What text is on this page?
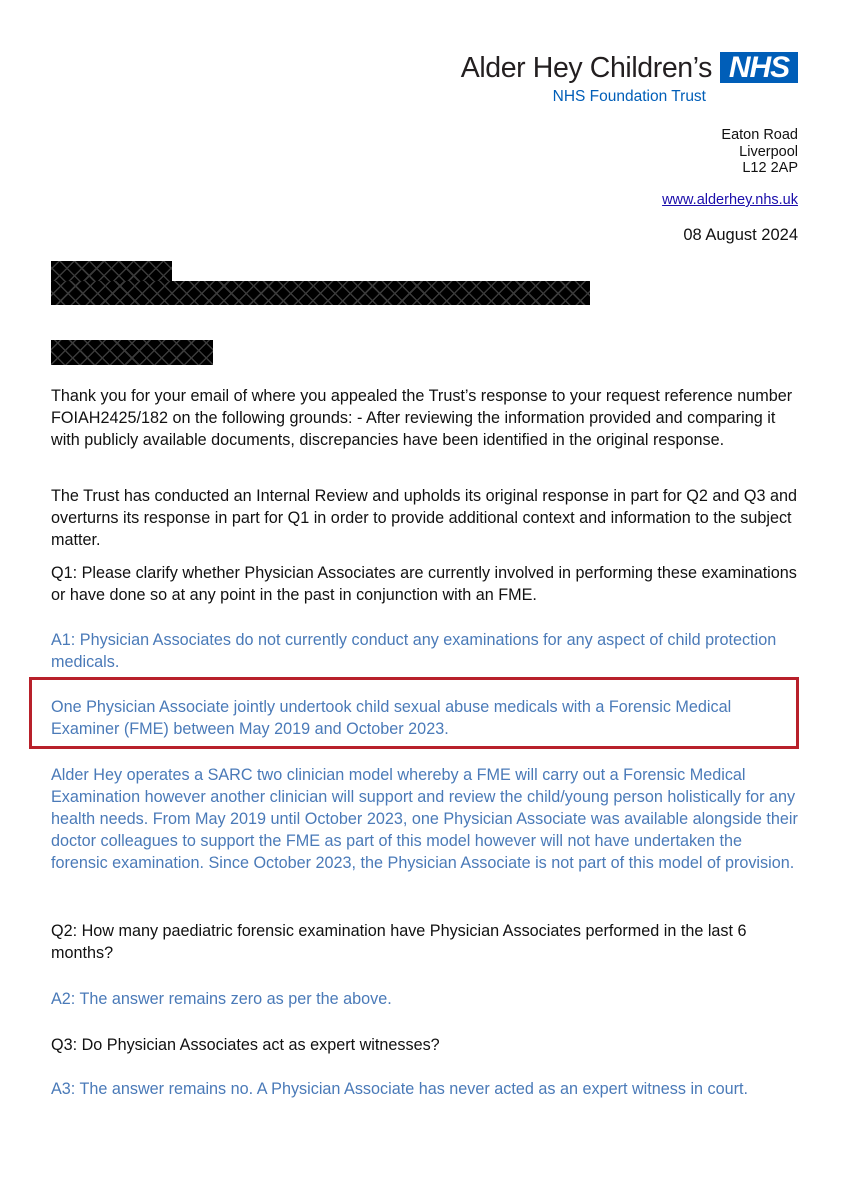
Alder Hey Children’s
NHS Foundation Trust
NHS
Eaton Road
Liverpool
L12 2AP
www.alderhey.nhs.uk
08 August 2024
Thank you for your email of where you appealed the Trust’s response to your request reference number FOIAH2425/182 on the following grounds: - After reviewing the information provided and comparing it with publicly available documents, discrepancies have been identified in the original response.
The Trust has conducted an Internal Review and upholds its original response in part for Q2 and Q3 and overturns its response in part for Q1 in order to provide additional context and information to the subject matter.
Q1: Please clarify whether Physician Associates are currently involved in performing these examinations or have done so at any point in the past in conjunction with an FME.
A1: Physician Associates do not currently conduct any examinations for any aspect of child protection medicals.
One Physician Associate jointly undertook child sexual abuse medicals with a Forensic Medical Examiner (FME) between May 2019 and October 2023.
Alder Hey operates a SARC two clinician model whereby a FME will carry out a Forensic Medical Examination however another clinician will support and review the child/young person holistically for any health needs. From May 2019 until October 2023, one Physician Associate was available alongside their doctor colleagues to support the FME as part of this model however will not have undertaken the forensic examination. Since October 2023, the Physician Associate is not part of this model of provision.
Q2: How many paediatric forensic examination have Physician Associates performed in the last 6 months?
A2: The answer remains zero as per the above.
Q3: Do Physician Associates act as expert witnesses?
A3: The answer remains no. A Physician Associate has never acted as an expert witness in court.
